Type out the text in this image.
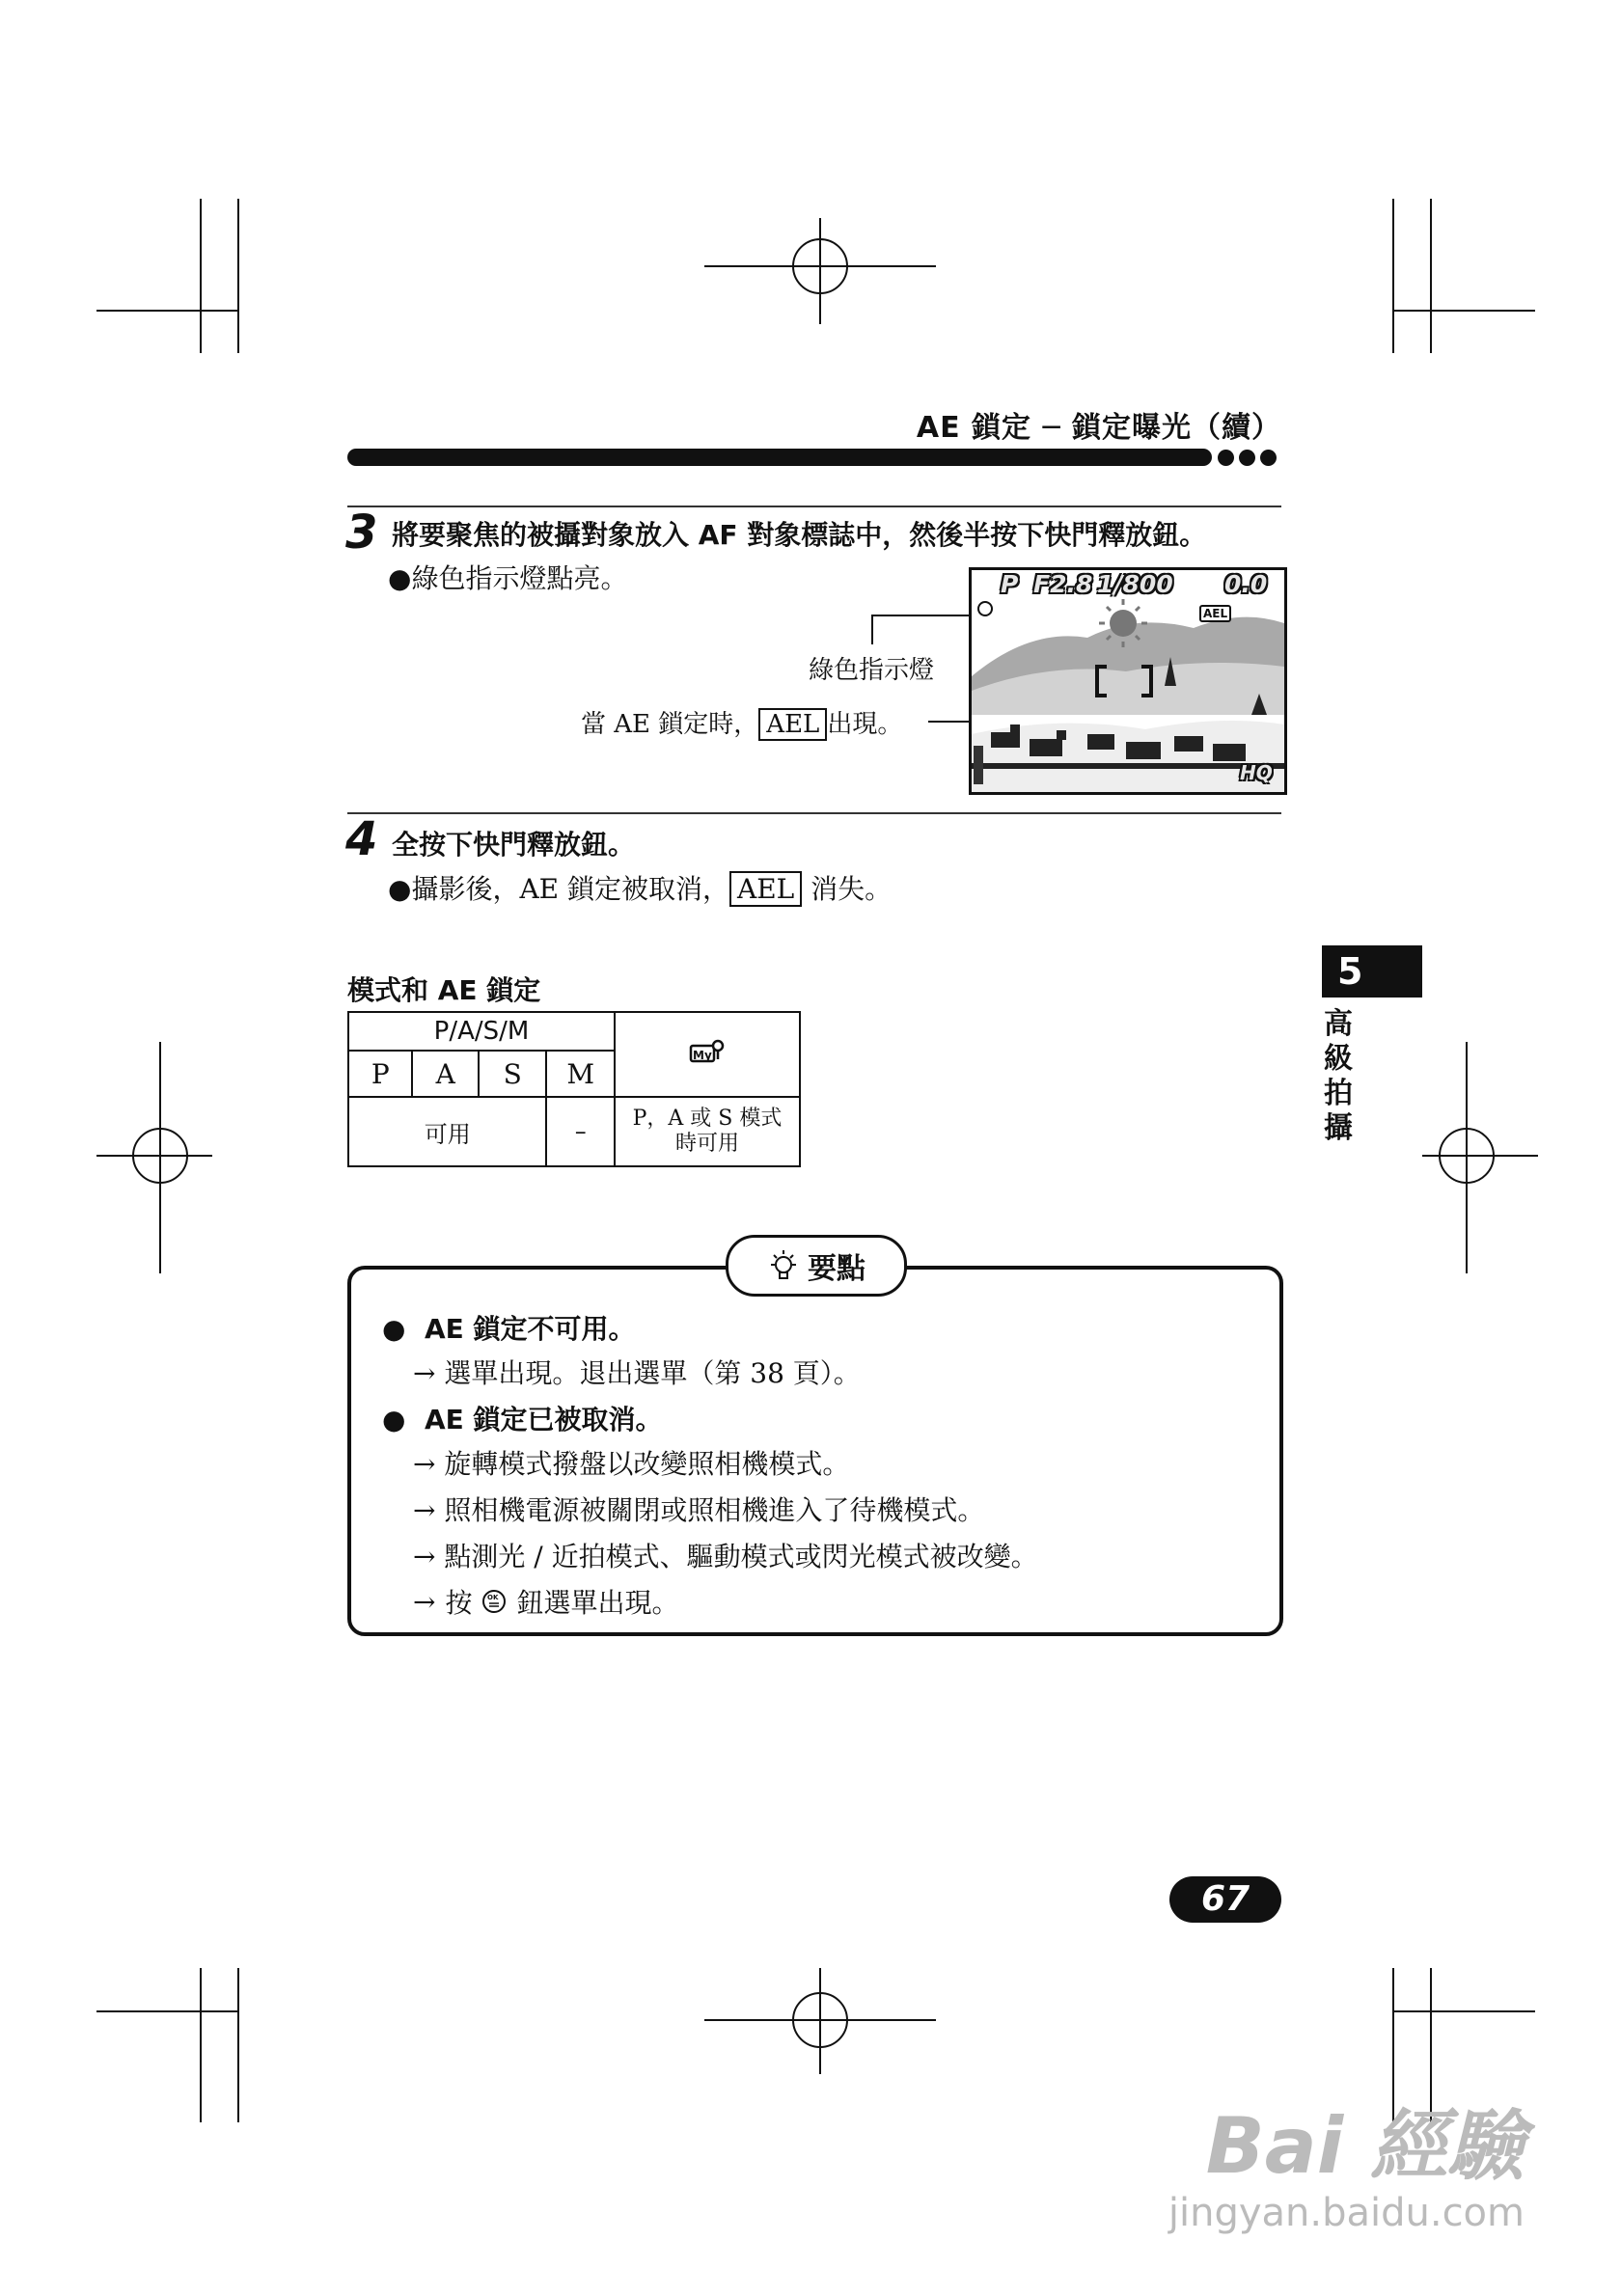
AE 鎖定 ─ 鎖定曝光（續）
3 將要聚焦的被攝對象放入 AF 對象標誌中，然後半按下快門釋放鈕。
●綠色指示燈點亮。
綠色指示燈
當 AE 鎖定時， AEL 出現。
P F2.8 1/800 0.0
AEL
HQ
4 全按下快門釋放鈕。
●攝影後，AE 鎖定被取消， AEL 消失。
模式和 AE 鎖定
P/A/S/M				My

P	A	S	M	
可用			–	P，A 或 S 模式時可用
要點
● AE 鎖定不可用。
→ 選單出現。退出選單（第 38 頁）。
● AE 鎖定已被取消。
→ 旋轉模式撥盤以改變照相機模式。
→ 照相機電源被關閉或照相機進入了待機模式。
→ 點測光 / 近拍模式、驅動模式或閃光模式被改變。
→ 按 OK 鈕選單出現。
5
高級拍攝
67
Bai 經驗
jingyan.baidu.com
